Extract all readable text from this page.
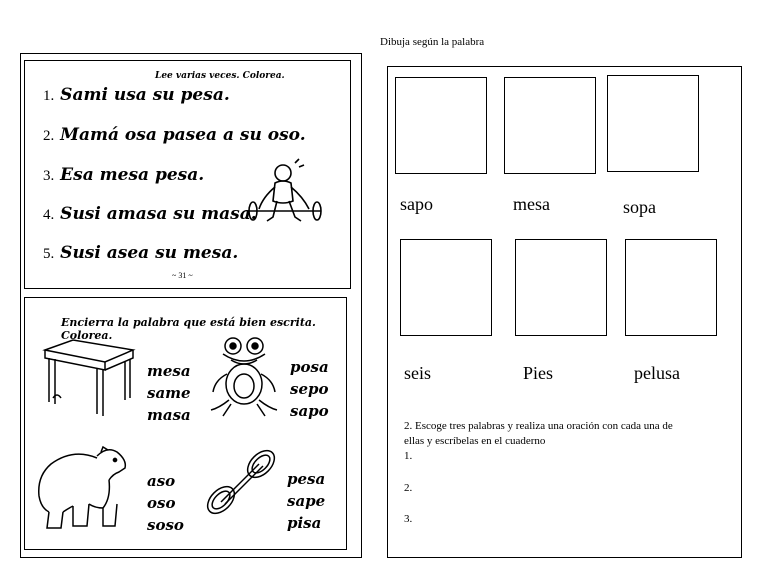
Dibuja según la palabra
Lee varias veces. Colorea.
1. Sami usa su pesa.
2. Mamá osa pasea a su oso.
3. Esa mesa pesa.
4. Susi amasa su masa.
5. Susi asea su mesa.
~ 31 ~
Encierra la palabra que está bien escrita. Colorea.
mesa
same
masa
posa
sepo
sapo
aso
oso
soso
pesa
sape
pisa
sapo	mesa	sopa
seis	Pies	pelusa
2. Escoge tres palabras y realiza una oración con cada una de
ellas y escríbelas en el cuaderno
1.
2.
3.
